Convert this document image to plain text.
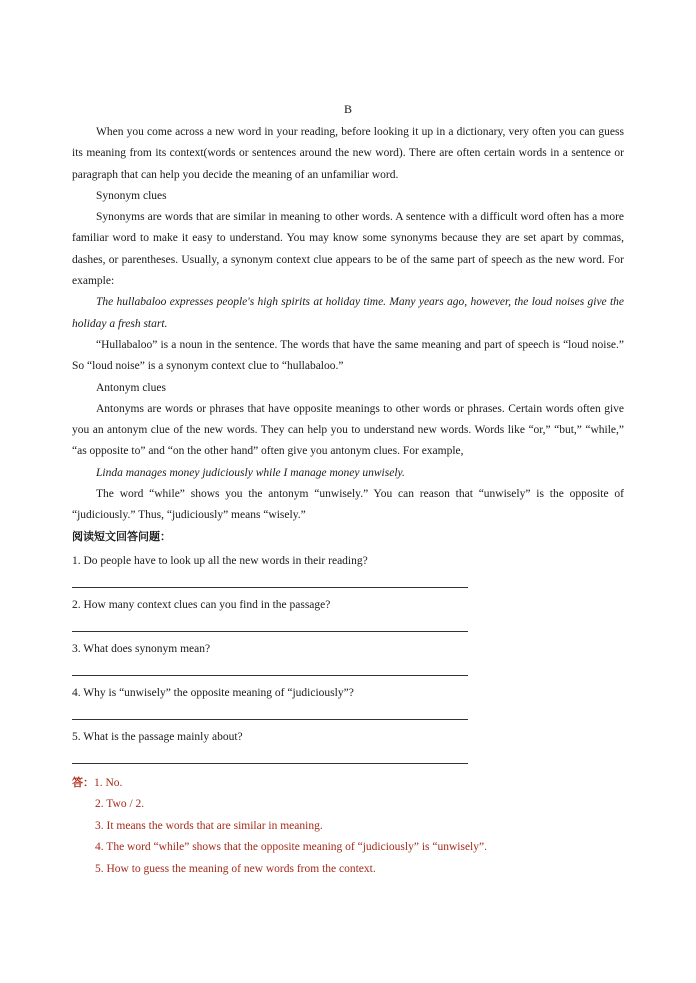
B

When you come across a new word in your reading, before looking it up in a dictionary, very often you can guess its meaning from its context(words or sentences around the new word). There are often certain words in a sentence or paragraph that can help you decide the meaning of an unfamiliar word.

Synonym clues

Synonyms are words that are similar in meaning to other words. A sentence with a difficult word often has a more familiar word to make it easy to understand. You may know some synonyms because they are set apart by commas, dashes, or parentheses. Usually, a synonym context clue appears to be of the same part of speech as the new word. For example:

The hullabaloo expresses people's high spirits at holiday time. Many years ago, however, the loud noises give the holiday a fresh start.

“Hullabaloo” is a noun in the sentence. The words that have the same meaning and part of speech is “loud noise.” So “loud noise” is a synonym context clue to “hullabaloo.”

Antonym clues

Antonyms are words or phrases that have opposite meanings to other words or phrases. Certain words often give you an antonym clue of the new words. They can help you to understand new words. Words like “or,” “but,” “while,” “as opposite to” and “on the other hand” often give you antonym clues. For example,

Linda manages money judiciously while I manage money unwisely.

The word “while” shows you the antonym “unwisely.” You can reason that “unwisely” is the opposite of “judiciously.” Thus, “judiciously” means “wisely.”

阅读短文回答问题：
1. Do people have to look up all the new words in their reading?
2. How many context clues can you find in the passage?
3. What does synonym mean?
4. Why is “unwisely” the opposite meaning of “judiciously”?
5. What is the passage mainly about?
答：1. No.
2. Two / 2.
3. It means the words that are similar in meaning.
4. The word “while” shows that the opposite meaning of “judiciously” is “unwisely”.
5. How to guess the meaning of new words from the context.
